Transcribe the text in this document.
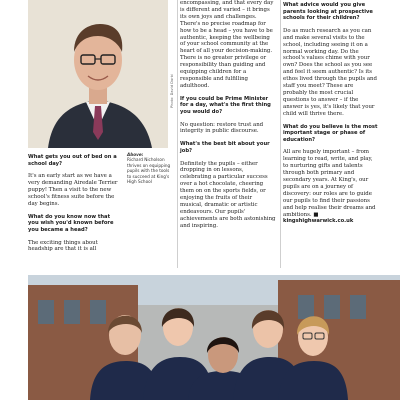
Photo: David Darbi

What gets you out of bed on a school day?

It's an early start as we have a very demanding Airedale Terrier puppy! Then a visit to the new school's fitness suite before the day begins.

What do you know now that you wish you'd known before you became a head?

The exciting things about headship are that it is all

Above:
Richard Nicholson thrives on equipping pupils with the tools to succeed at King's High School

encompassing, and that every day is different and varied – it brings its own joys and challenges. There's no precise roadmap for how to be a head – you have to be authentic, keeping the wellbeing of your school community at the heart of all your decision-making. There is no greater privilege or responsibility than guiding and equipping children for a responsible and fulfilling adulthood.

If you could be Prime Minister for a day, what's the first thing you would do?

No question: restore trust and integrity in public discourse.

What's the best bit about your job?

Definitely the pupils – either dropping in on lessons, celebrating a particular success over a hot chocolate, cheering them on on the sports fields, or enjoying the fruits of their musical, dramatic or artistic endeavours. Our pupils' achievements are both astonishing and inspiring.

What advice would you give parents looking at prospective schools for their children?

Do as much research as you can and make several visits to the school, including seeing it on a normal working day. Do the school's values chime with your own? Does the school as you see and feel it seem authentic? Is its ethos lived through the pupils and staff you meet? These are probably the most crucial questions to answer – if the answer is yes, it's likely that your child will thrive there.

What do you believe is the most important stage or phase of education?

All are hugely important – from learning to read, write, and play, to nurturing gifts and talents through both primary and secondary years. At King's, our pupils are on a journey of discovery: our roles are to guide our pupils to find their passions and help realise their dreams and ambitions. ■
kingshighwarwick.co.uk
